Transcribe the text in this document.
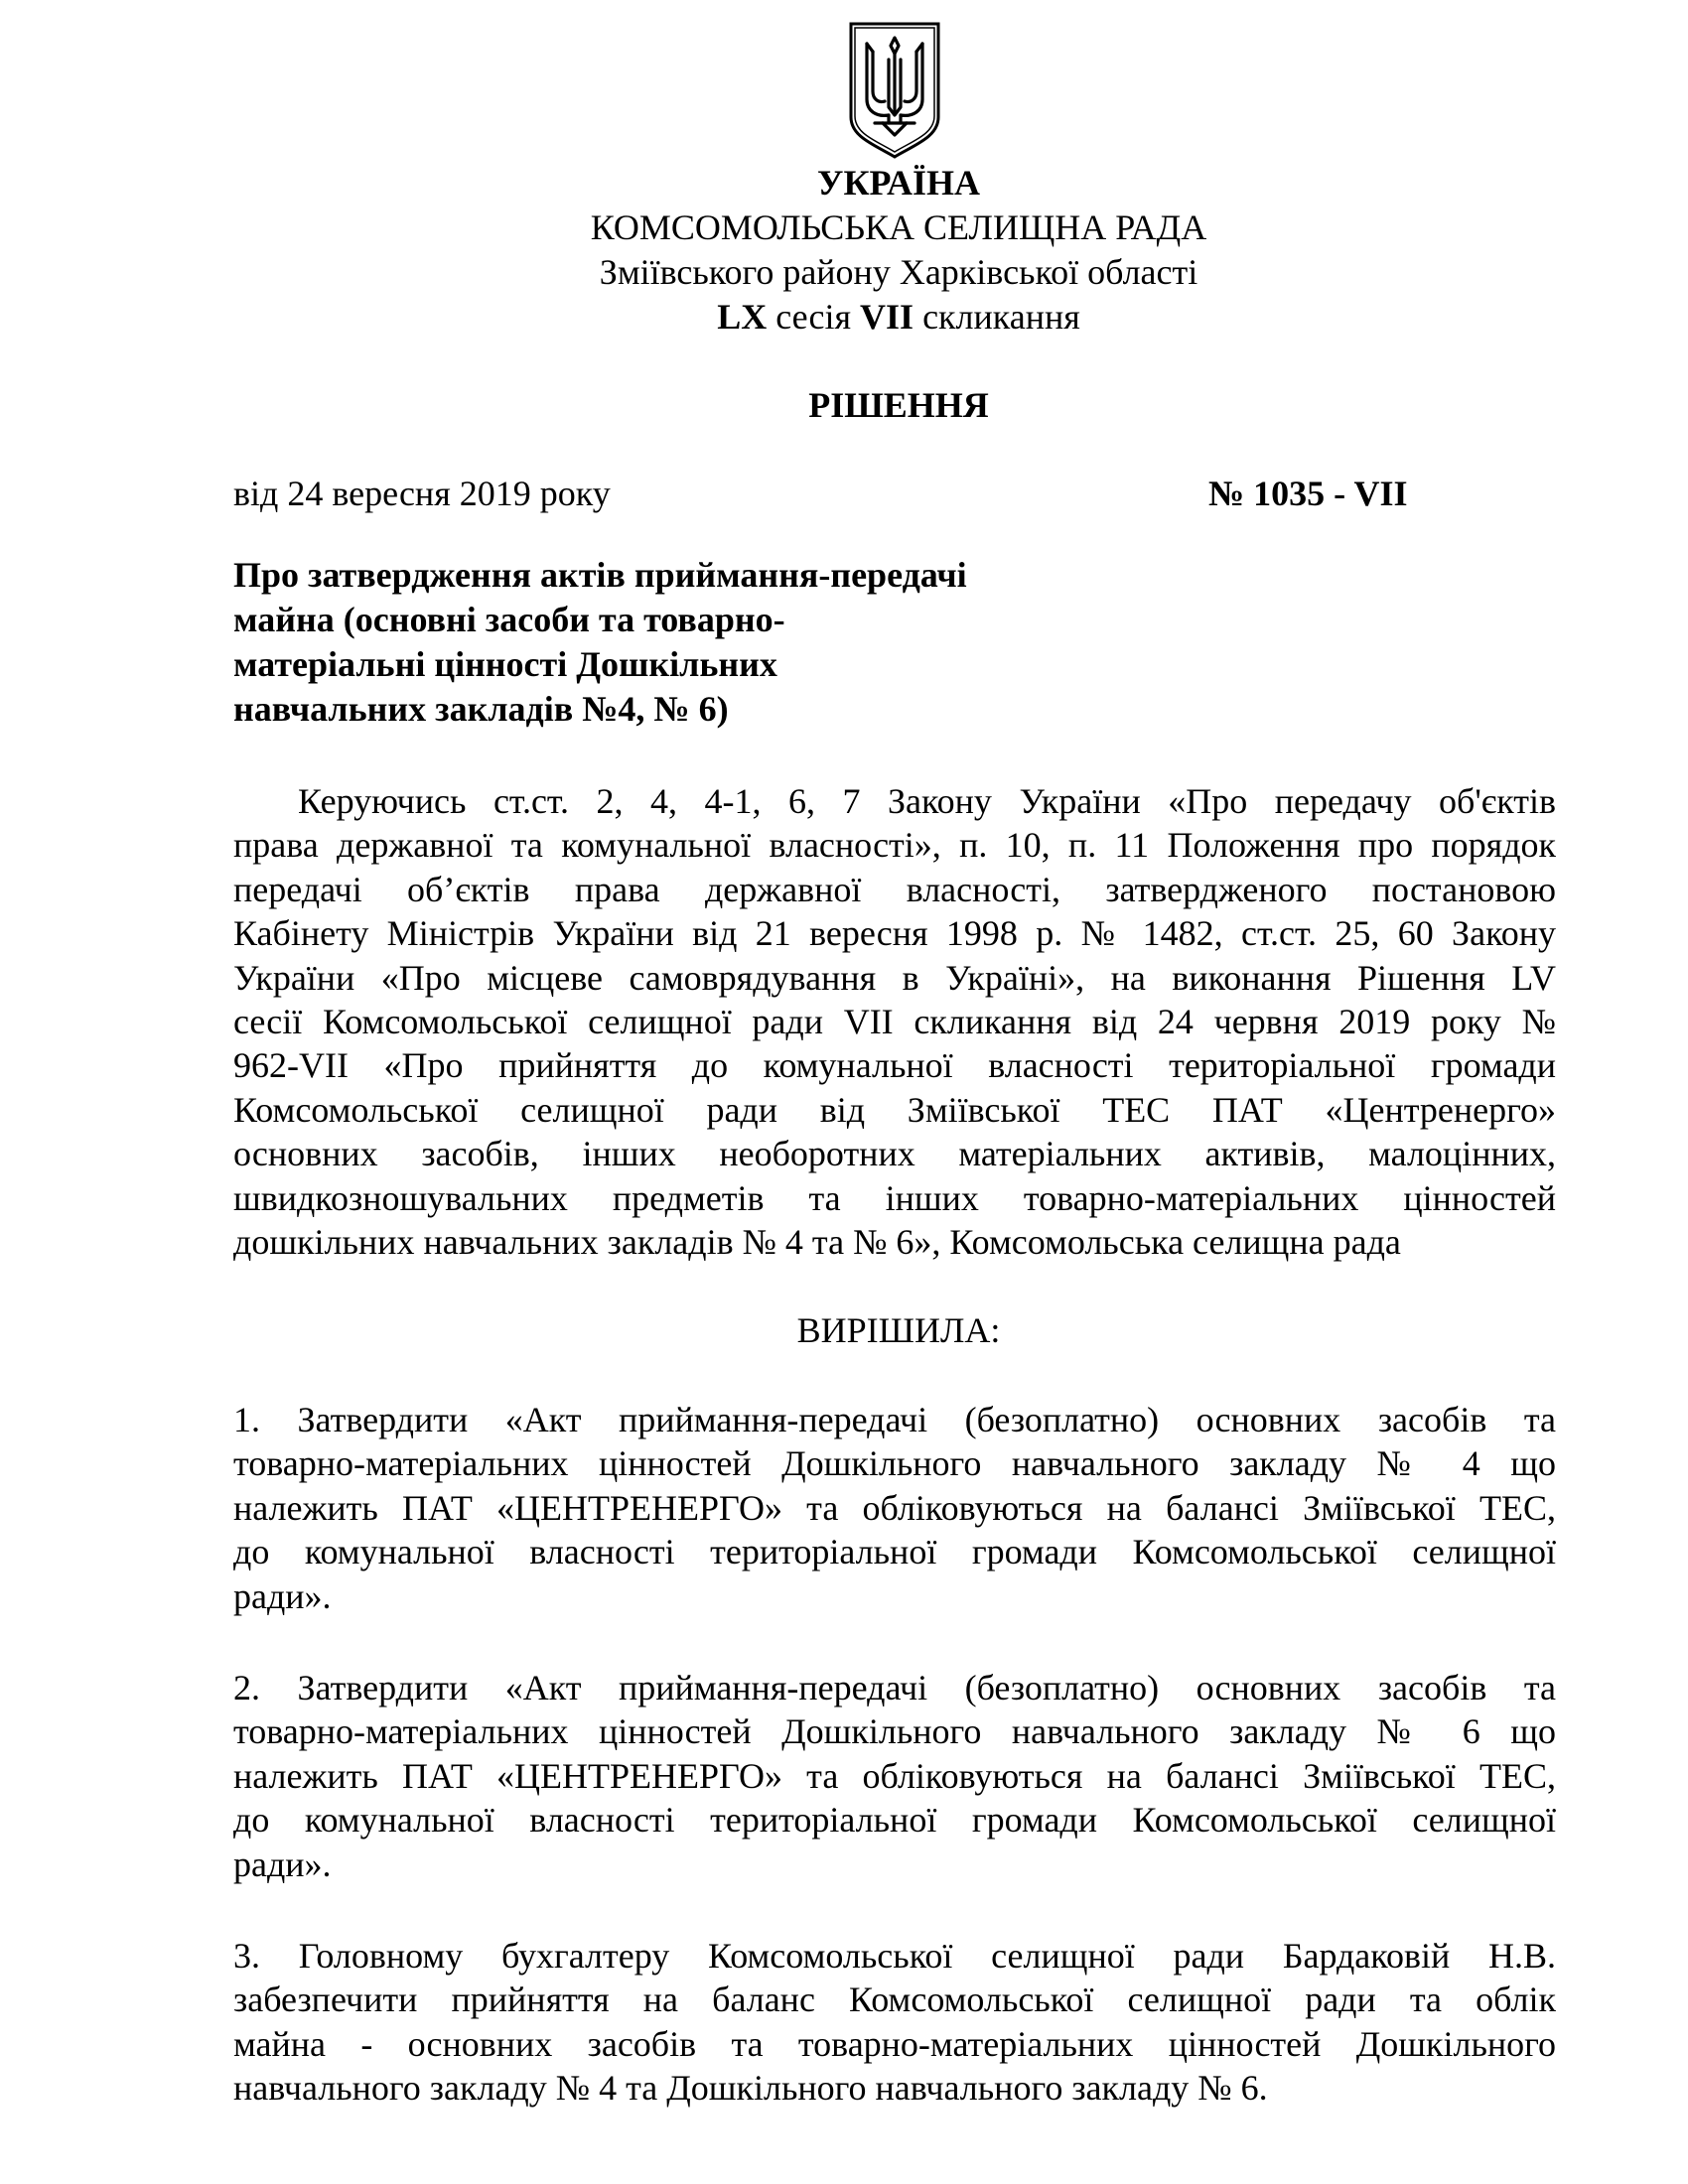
УКРАЇНА
КОМСОМОЛЬСЬКА СЕЛИЩНА РАДА
Зміївського району Харківської області
LX сесія VII скликання
РІШЕННЯ
від 24 вересня 2019 року	№ 1035 - VII
Про затвердження актів приймання-передачі
майна (основні засоби та товарно-
матеріальні цінності Дошкільних
навчальних закладів №4, № 6)
Керуючись ст.ст. 2, 4, 4-1, 6, 7 Закону України «Про передачу об'єктів
права державної та комунальної власності», п. 10, п. 11 Положення про порядок
передачі об’єктів права державної власності, затвердженого постановою
Кабінету Міністрів України від 21 вересня 1998 р. № 1482, ст.ст. 25, 60 Закону
України «Про місцеве самоврядування в Україні», на виконання Рішення LV
сесії Комсомольської селищної ради VII скликання від 24 червня 2019 року №
962-VII «Про прийняття до комунальної власності територіальної громади
Комсомольської селищної ради від Зміївської ТЕС ПАТ «Центренерго»
основних засобів, інших необоротних матеріальних активів, малоцінних,
швидкозношувальних предметів та інших товарно-матеріальних цінностей
дошкільних навчальних закладів № 4 та № 6», Комсомольська селищна рада
ВИРІШИЛА:
1. Затвердити «Акт приймання-передачі (безоплатно) основних засобів та
товарно-матеріальних цінностей Дошкільного навчального закладу № 4 що
належить ПАТ «ЦЕНТРЕНЕРГО» та обліковуються на балансі Зміївської ТЕС,
до комунальної власності територіальної громади Комсомольської селищної
ради».
2. Затвердити «Акт приймання-передачі (безоплатно) основних засобів та
товарно-матеріальних цінностей Дошкільного навчального закладу № 6 що
належить ПАТ «ЦЕНТРЕНЕРГО» та обліковуються на балансі Зміївської ТЕС,
до комунальної власності територіальної громади Комсомольської селищної
ради».
3. Головному бухгалтеру Комсомольської селищної ради Бардаковій Н.В.
забезпечити прийняття на баланс Комсомольської селищної ради та облік
майна - основних засобів та товарно-матеріальних цінностей Дошкільного
навчального закладу № 4 та Дошкільного навчального закладу № 6.
